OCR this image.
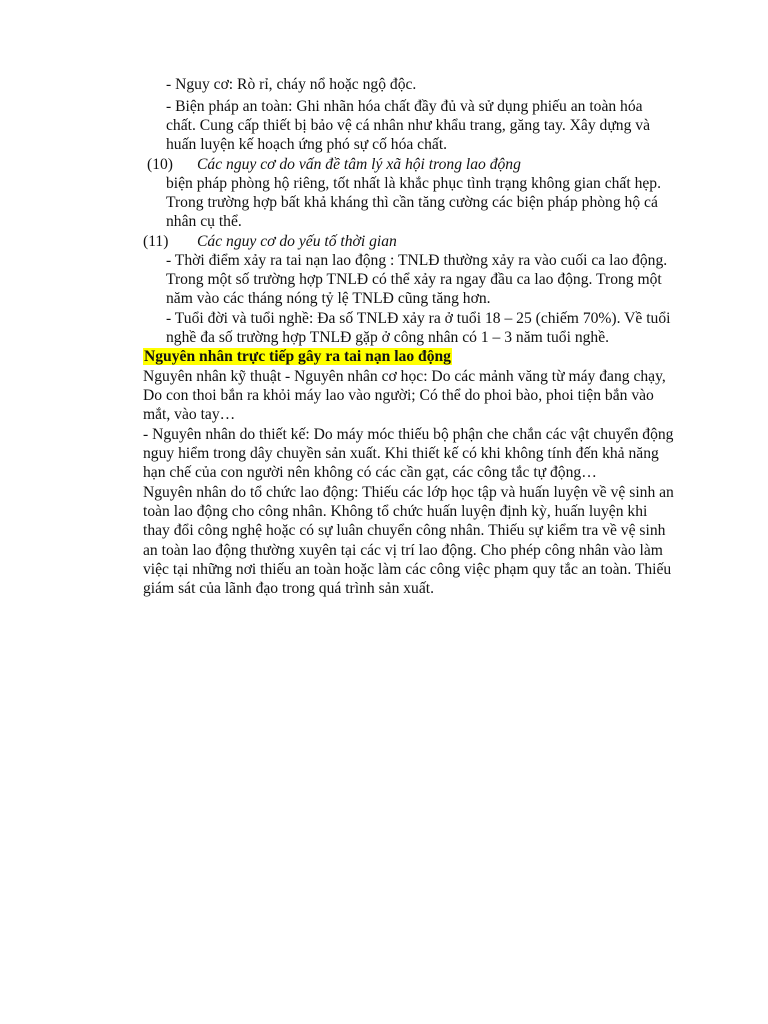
- Nguy cơ: Rò rỉ, cháy nổ hoặc ngộ độc.
- Biện pháp an toàn: Ghi nhãn hóa chất đầy đủ và sử dụng phiếu an toàn hóa
chất. Cung cấp thiết bị bảo vệ cá nhân như khẩu trang, găng tay. Xây dựng và
huấn luyện kế hoạch ứng phó sự cố hóa chất.
(10) Các nguy cơ do vấn đề tâm lý xã hội trong lao động
biện pháp phòng hộ riêng, tốt nhất là khắc phục tình trạng không gian chất hẹp.
Trong trường hợp bất khả kháng thì cần tăng cường các biện pháp phòng hộ cá
nhân cụ thể.
(11) Các nguy cơ do yếu tố thời gian
- Thời điểm xảy ra tai nạn lao động : TNLĐ thường xảy ra vào cuối ca lao động.
Trong một số trường hợp TNLĐ có thể xảy ra ngay đầu ca lao động. Trong một
năm vào các tháng nóng tỷ lệ TNLĐ cũng tăng hơn.
- Tuổi đời và tuổi nghề: Đa số TNLĐ xảy ra ở tuổi 18 – 25 (chiếm 70%). Về tuổi
nghề đa số trường hợp TNLĐ gặp ở công nhân có 1 – 3 năm tuổi nghề.
Nguyên nhân trực tiếp gây ra tai nạn lao động
Nguyên nhân kỹ thuật - Nguyên nhân cơ học: Do các mảnh văng từ máy đang chạy,
Do con thoi bắn ra khỏi máy lao vào người; Có thể do phoi bào, phoi tiện bắn vào
mắt, vào tay…
- Nguyên nhân do thiết kế: Do máy móc thiếu bộ phận che chắn các vật chuyển động
nguy hiểm trong dây chuyền sản xuất. Khi thiết kế có khi không tính đến khả năng
hạn chế của con người nên không có các cần gạt, các công tắc tự động…
Nguyên nhân do tổ chức lao động: Thiếu các lớp học tập và huấn luyện về vệ sinh an
toàn lao động cho công nhân. Không tổ chức huấn luyện định kỳ, huấn luyện khi
thay đổi công nghệ hoặc có sự luân chuyển công nhân. Thiếu sự kiểm tra về vệ sinh
an toàn lao động thường xuyên tại các vị trí lao động. Cho phép công nhân vào làm
việc tại những nơi thiếu an toàn hoặc làm các công việc phạm quy tắc an toàn. Thiếu
giám sát của lãnh đạo trong quá trình sản xuất.
